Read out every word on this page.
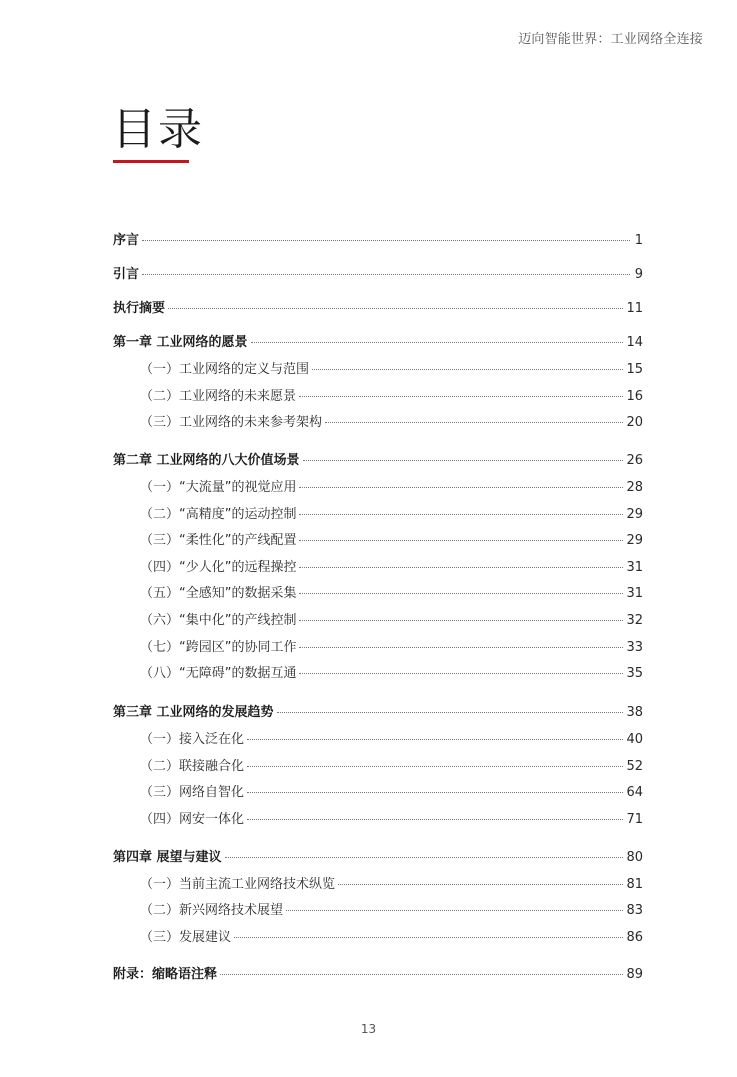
迈向智能世界：工业网络全连接
目录
序言	1
引言	9
执行摘要	11
第一章 工业网络的愿景	14
（一）工业网络的定义与范围	15
（二）工业网络的未来愿景	16
（三）工业网络的未来参考架构	20
第二章 工业网络的八大价值场景	26
（一）“大流量”的视觉应用	28
（二）“高精度”的运动控制	29
（三）“柔性化”的产线配置	29
（四）“少人化”的远程操控	31
（五）“全感知”的数据采集	31
（六）“集中化”的产线控制	32
（七）“跨园区”的协同工作	33
（八）“无障碍”的数据互通	35
第三章 工业网络的发展趋势	38
（一）接入泛在化	40
（二）联接融合化	52
（三）网络自智化	64
（四）网安一体化	71
第四章 展望与建议	80
（一）当前主流工业网络技术纵览	81
（二）新兴网络技术展望	83
（三）发展建议	86
附录：缩略语注释	89
13
